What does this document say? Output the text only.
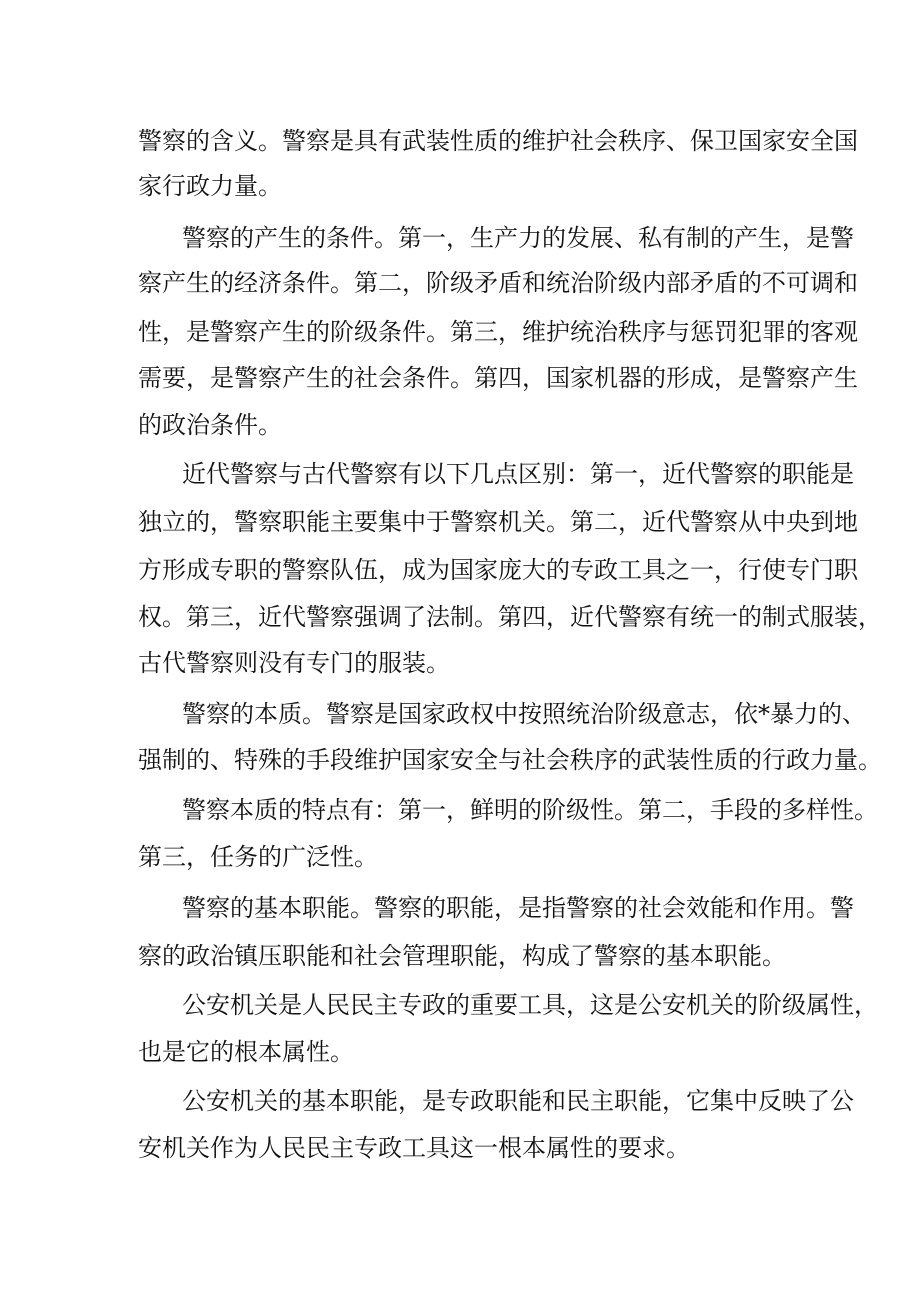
警察的含义。警察是具有武装性质的维护社会秩序、保卫国家安全国
家行政力量。
警察的产生的条件。第一，生产力的发展、私有制的产生，是警
察产生的经济条件。第二，阶级矛盾和统治阶级内部矛盾的不可调和
性，是警察产生的阶级条件。第三，维护统治秩序与惩罚犯罪的客观
需要，是警察产生的社会条件。第四，国家机器的形成，是警察产生
的政治条件。
近代警察与古代警察有以下几点区别：第一，近代警察的职能是
独立的，警察职能主要集中于警察机关。第二，近代警察从中央到地
方形成专职的警察队伍，成为国家庞大的专政工具之一，行使专门职
权。第三，近代警察强调了法制。第四，近代警察有统一的制式服装，
古代警察则没有专门的服装。
警察的本质。警察是国家政权中按照统治阶级意志，依*暴力的、
强制的、特殊的手段维护国家安全与社会秩序的武装性质的行政力量。
警察本质的特点有：第一，鲜明的阶级性。第二，手段的多样性。
第三，任务的广泛性。
警察的基本职能。警察的职能，是指警察的社会效能和作用。警
察的政治镇压职能和社会管理职能，构成了警察的基本职能。
公安机关是人民民主专政的重要工具，这是公安机关的阶级属性，
也是它的根本属性。
公安机关的基本职能，是专政职能和民主职能，它集中反映了公
安机关作为人民民主专政工具这一根本属性的要求。
